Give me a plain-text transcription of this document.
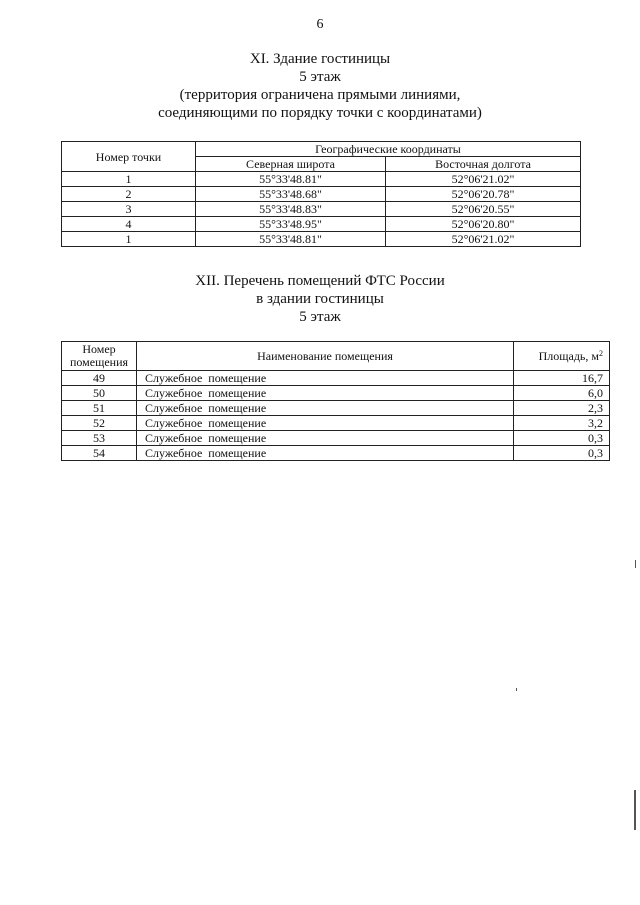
6
XI. Здание гостиницы
5 этаж
(территория ограничена прямыми линиями,
соединяющими по порядку точки с координатами)
Номер точки	Географические координаты	
	Северная широта	Восточная долгота
1	55°33'48.81"	52°06'21.02"
2	55°33'48.68"	52°06'20.78"
3	55°33'48.83"	52°06'20.55"
4	55°33'48.95"	52°06'20.80"
1	55°33'48.81"	52°06'21.02"
XII. Перечень помещений ФТС России
в здании гостиницы
5 этаж
Номер
помещения	Наименование помещения	Площадь, $м^2$
49	Служебное помещение	16,7
50	Служебное помещение	6,0
51	Служебное помещение	2,3
52	Служебное помещение	3,2
53	Служебное помещение	0,3
54	Служебное помещение	0,3
